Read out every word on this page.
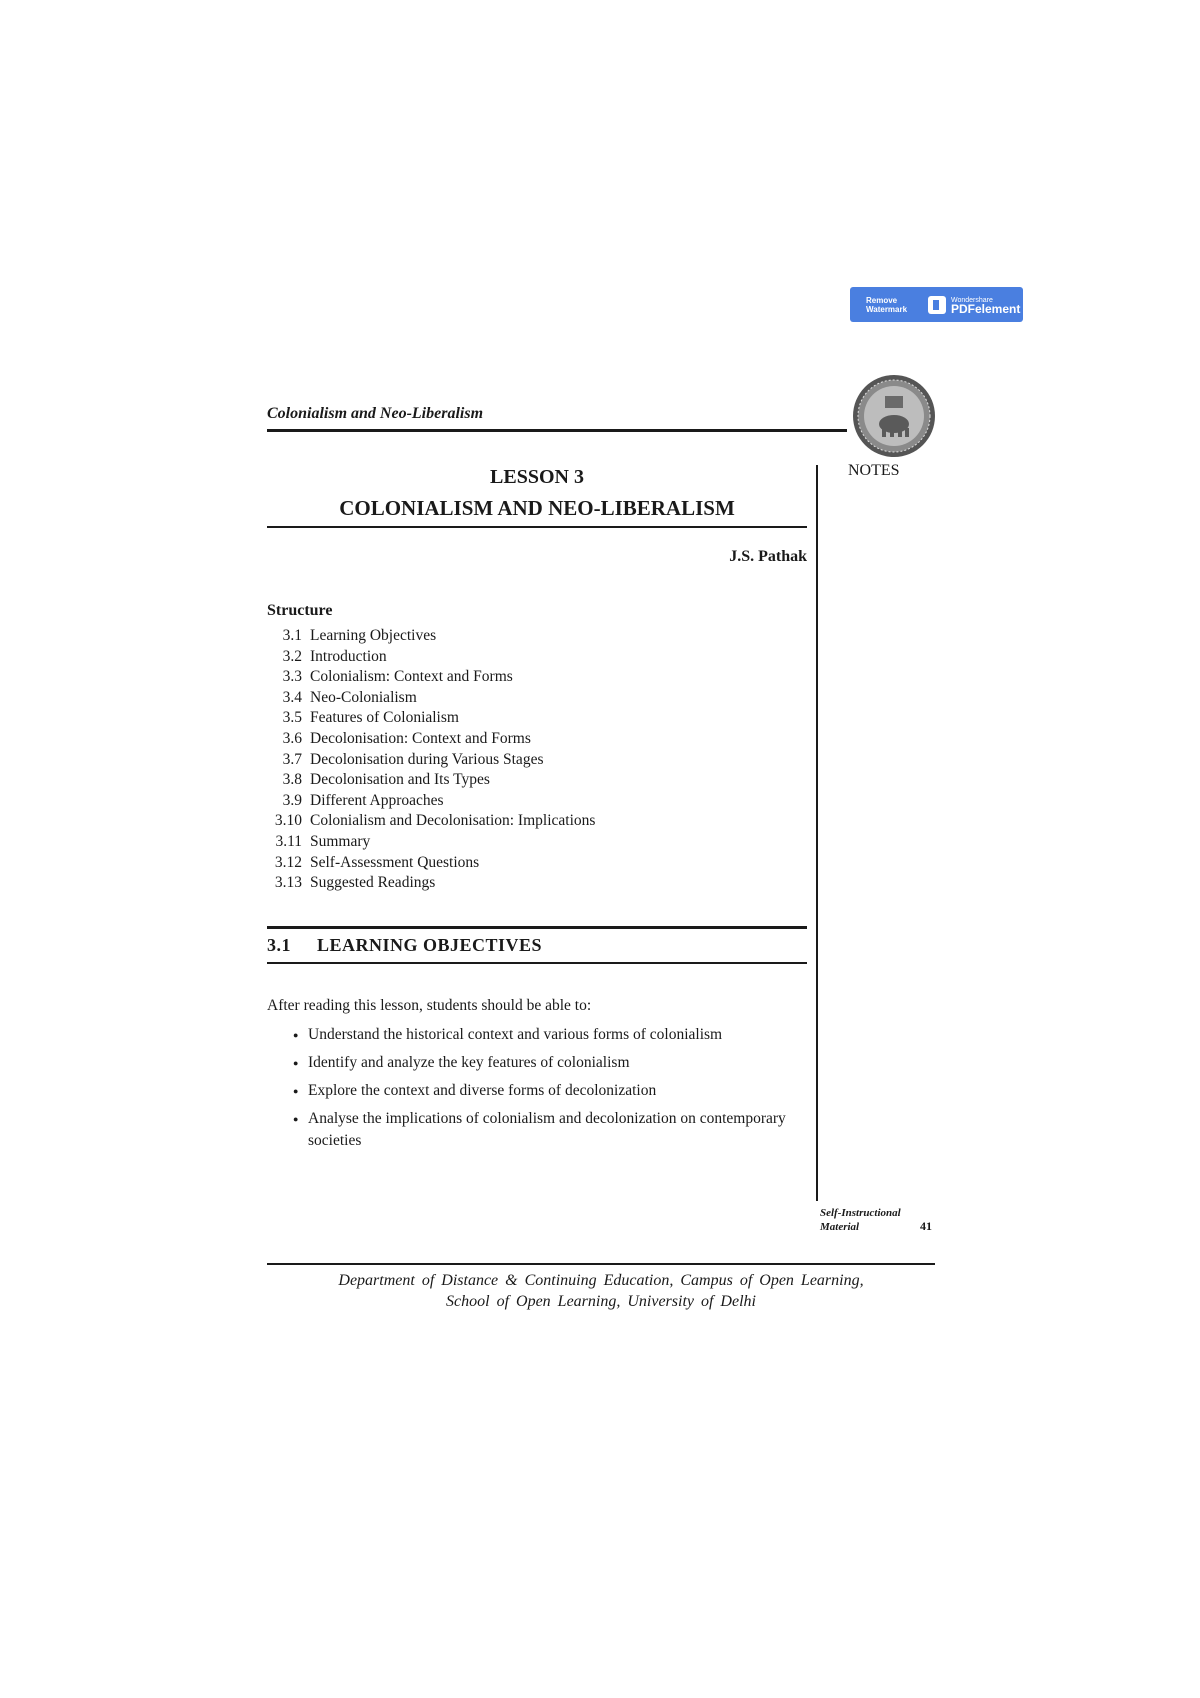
Remove
Watermark
Wondershare
PDFelement
Colonialism and Neo-Liberalism
NOTES
LESSON 3
COLONIALISM AND NEO-LIBERALISM
J.S. Pathak
Structure
3.1 Learning Objectives
3.2 Introduction
3.3 Colonialism: Context and Forms
3.4 Neo-Colonialism
3.5 Features of Colonialism
3.6 Decolonisation: Context and Forms
3.7 Decolonisation during Various Stages
3.8 Decolonisation and Its Types
3.9 Different Approaches
3.10 Colonialism and Decolonisation: Implications
3.11 Summary
3.12 Self-Assessment Questions
3.13 Suggested Readings
3.1 LEARNING OBJECTIVES
After reading this lesson, students should be able to:
● Understand the historical context and various forms of colonialism
● Identify and analyze the key features of colonialism
● Explore the context and diverse forms of decolonization
● Analyse the implications of colonialism and decolonization on contemporary societies
Self-Instructional
Material	41
Department of Distance & Continuing Education, Campus of Open Learning,
School of Open Learning, University of Delhi
